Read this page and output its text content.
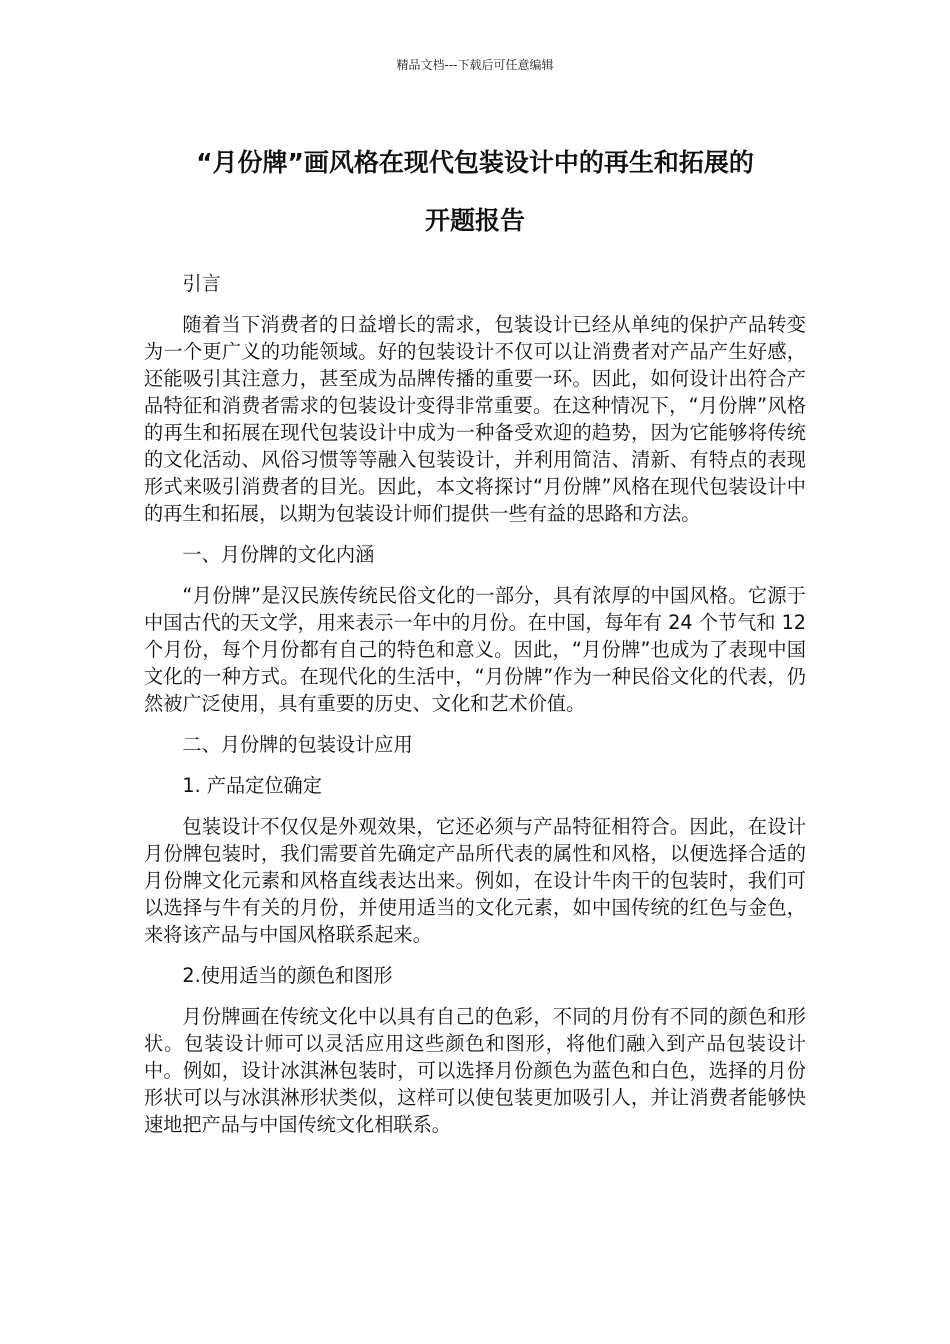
精品文档---下载后可任意编辑
“月份牌”画风格在现代包装设计中的再生和拓展的
开题报告

引言

随着当下消费者的日益增长的需求，包装设计已经从单纯的保护产品转变为一个更广义的功能领域。好的包装设计不仅可以让消费者对产品产生好感，还能吸引其注意力，甚至成为品牌传播的重要一环。因此，如何设计出符合产品特征和消费者需求的包装设计变得非常重要。在这种情况下，“月份牌”风格的再生和拓展在现代包装设计中成为一种备受欢迎的趋势，因为它能够将传统的文化活动、风俗习惯等等融入包装设计，并利用简洁、清新、有特点的表现形式来吸引消费者的目光。因此，本文将探讨“月份牌”风格在现代包装设计中的再生和拓展，以期为包装设计师们提供一些有益的思路和方法。

一、月份牌的文化内涵

“月份牌”是汉民族传统民俗文化的一部分，具有浓厚的中国风格。它源于中国古代的天文学，用来表示一年中的月份。在中国，每年有 24 个节气和 12 个月份，每个月份都有自己的特色和意义。因此，“月份牌”也成为了表现中国文化的一种方式。在现代化的生活中，“月份牌”作为一种民俗文化的代表，仍然被广泛使用，具有重要的历史、文化和艺术价值。

二、月份牌的包装设计应用

1. 产品定位确定

包装设计不仅仅是外观效果，它还必须与产品特征相符合。因此，在设计月份牌包装时，我们需要首先确定产品所代表的属性和风格，以便选择合适的月份牌文化元素和风格直线表达出来。例如，在设计牛肉干的包装时，我们可以选择与牛有关的月份，并使用适当的文化元素，如中国传统的红色与金色，来将该产品与中国风格联系起来。

2.使用适当的颜色和图形

月份牌画在传统文化中以具有自己的色彩，不同的月份有不同的颜色和形状。包装设计师可以灵活应用这些颜色和图形，将他们融入到产品包装设计中。例如，设计冰淇淋包装时，可以选择月份颜色为蓝色和白色，选择的月份形状可以与冰淇淋形状类似，这样可以使包装更加吸引人，并让消费者能够快速地把产品与中国传统文化相联系。
